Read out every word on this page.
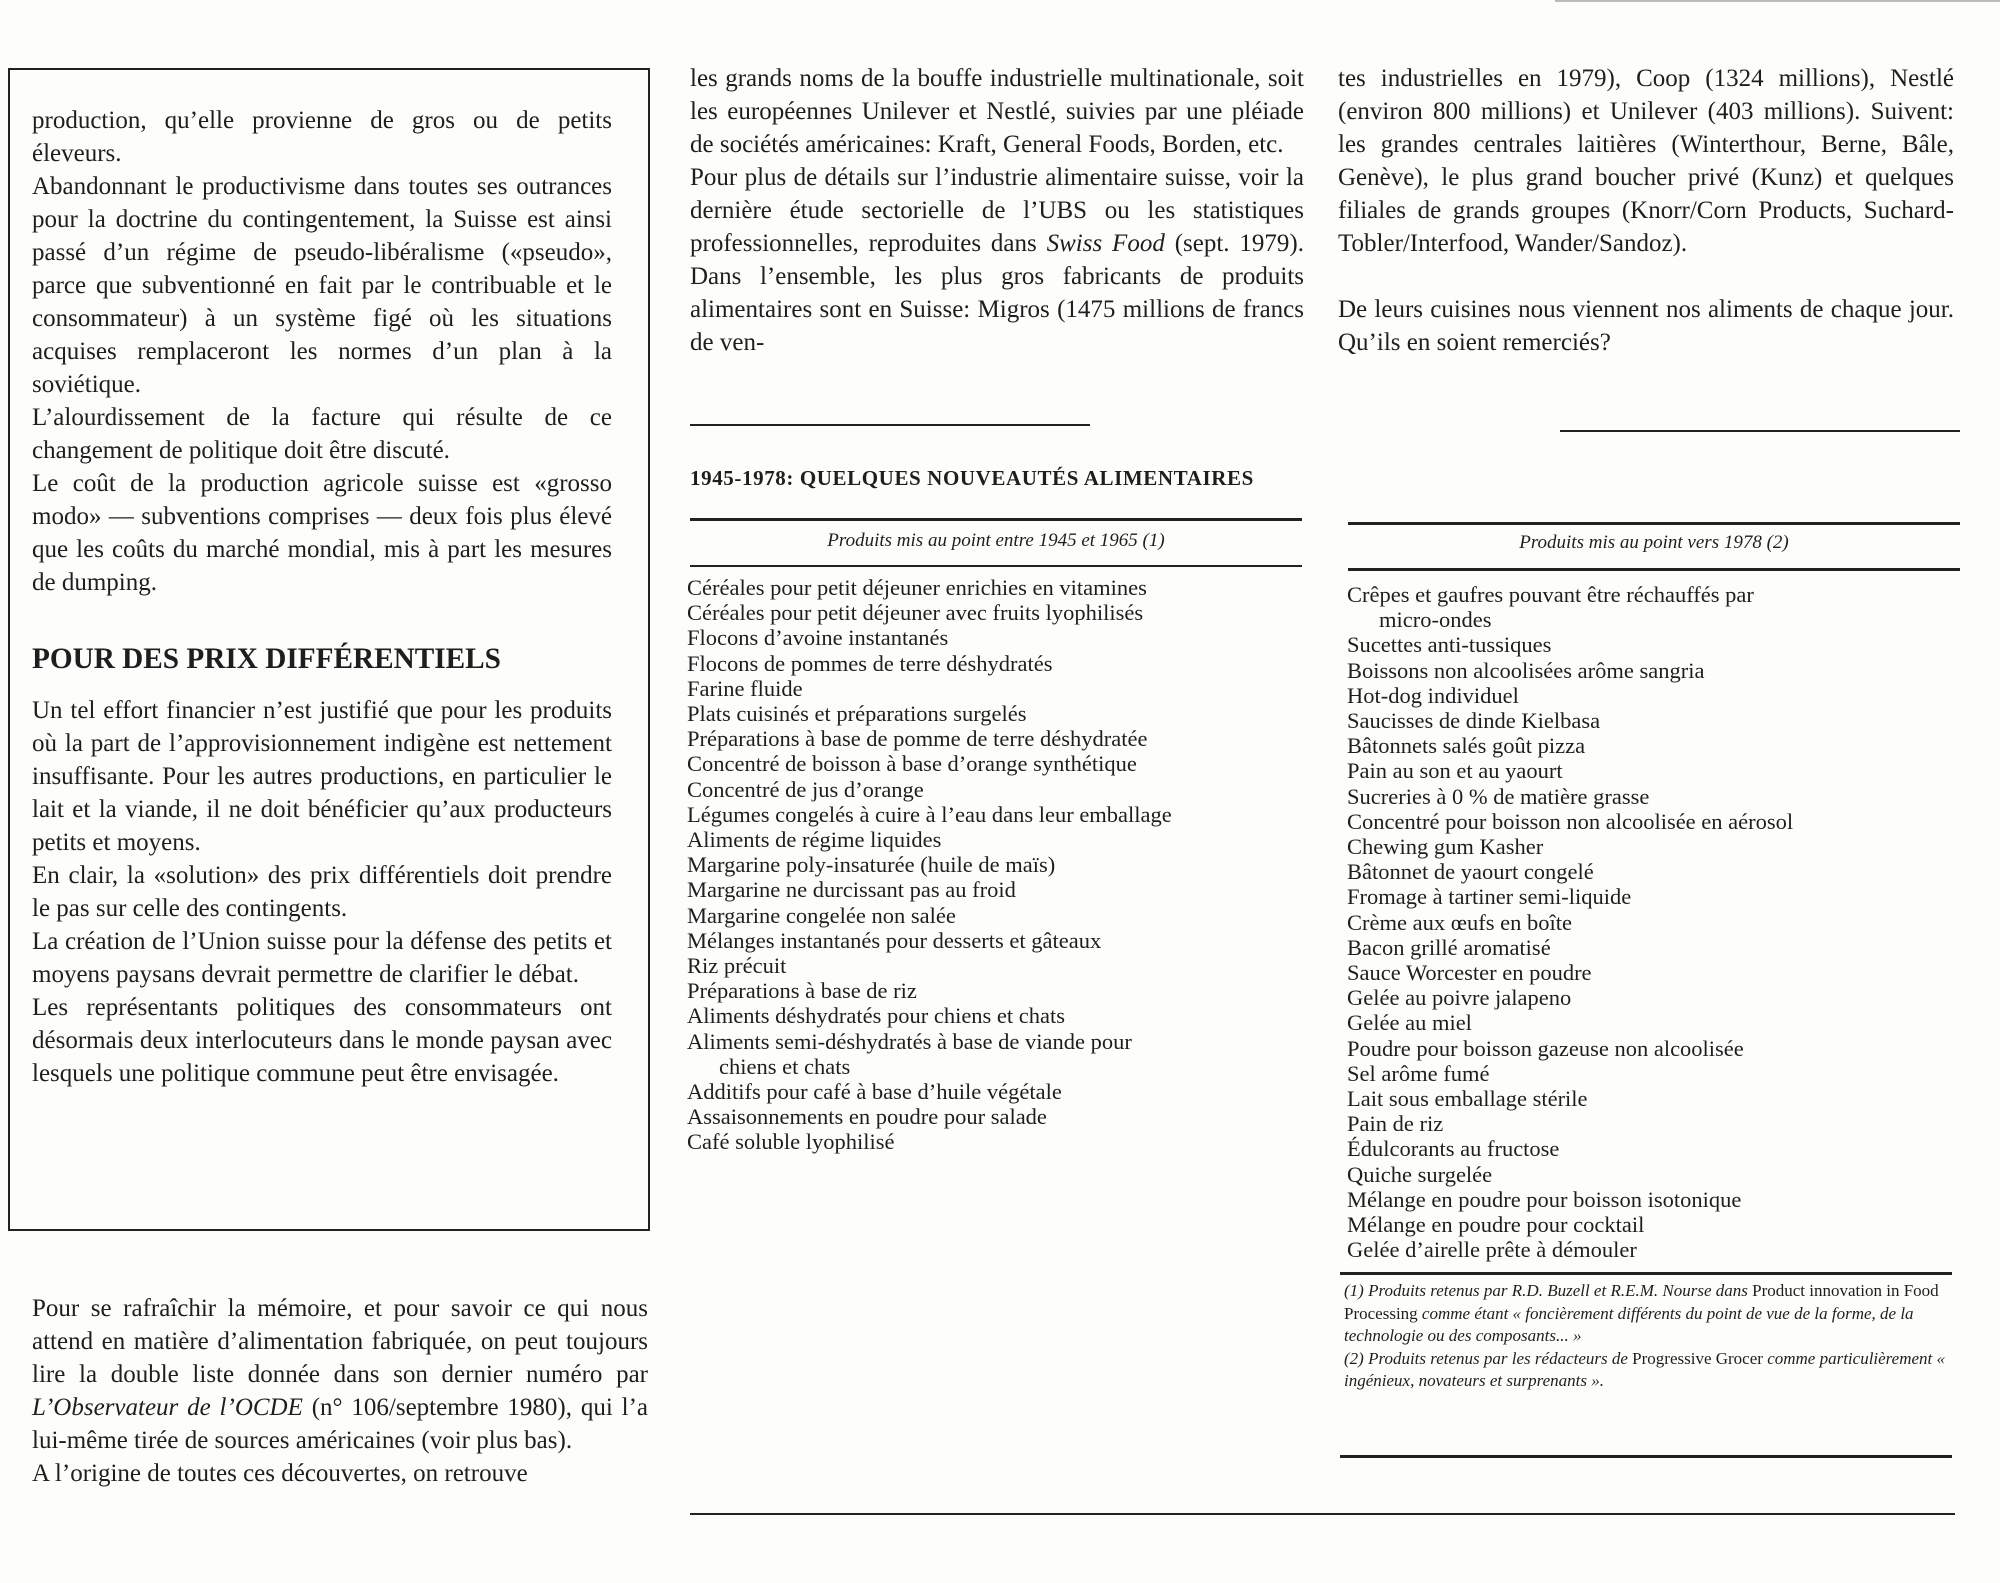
production, qu’elle provienne de gros ou de petits éleveurs.

Abandonnant le productivisme dans toutes ses outrances pour la doctrine du contingentement, la Suisse est ainsi passé d’un régime de pseudo-libéralisme («pseudo», parce que subventionné en fait par le contribuable et le consommateur) à un système figé où les situations acquises remplaceront les normes d’un plan à la soviétique.

L’alourdissement de la facture qui résulte de ce changement de politique doit être discuté.

Le coût de la production agricole suisse est «grosso modo» — subventions comprises — deux fois plus élevé que les coûts du marché mondial, mis à part les mesures de dumping.

POUR DES PRIX DIFFÉRENTIELS

Un tel effort financier n’est justifié que pour les produits où la part de l’approvisionnement indigène est nettement insuffisante. Pour les autres productions, en particulier le lait et la viande, il ne doit bénéficier qu’aux producteurs petits et moyens.

En clair, la «solution» des prix différentiels doit prendre le pas sur celle des contingents.

La création de l’Union suisse pour la défense des petits et moyens paysans devrait permettre de clarifier le débat.

Les représentants politiques des consommateurs ont désormais deux interlocuteurs dans le monde paysan avec lesquels une politique commune peut être envisagée.

Pour se rafraîchir la mémoire, et pour savoir ce qui nous attend en matière d’alimentation fabriquée, on peut toujours lire la double liste donnée dans son dernier numéro par L’Observateur de l’OCDE (n° 106/septembre 1980), qui l’a lui-même tirée de sources américaines (voir plus bas).

A l’origine de toutes ces découvertes, on retrouve

les grands noms de la bouffe industrielle multinationale, soit les européennes Unilever et Nestlé, suivies par une pléiade de sociétés américaines: Kraft, General Foods, Borden, etc.

Pour plus de détails sur l’industrie alimentaire suisse, voir la dernière étude sectorielle de l’UBS ou les statistiques professionnelles, reproduites dans Swiss Food (sept. 1979). Dans l’ensemble, les plus gros fabricants de produits alimentaires sont en Suisse: Migros (1475 millions de francs de ven-

tes industrielles en 1979), Coop (1324 millions), Nestlé (environ 800 millions) et Unilever (403 millions). Suivent: les grandes centrales laitières (Winterthour, Berne, Bâle, Genève), le plus grand boucher privé (Kunz) et quelques filiales de grands groupes (Knorr/Corn Products, Suchard-Tobler/Interfood, Wander/Sandoz).

De leurs cuisines nous viennent nos aliments de chaque jour. Qu’ils en soient remerciés?

1945-1978: QUELQUES NOUVEAUTÉS ALIMENTAIRES
Produits mis au point entre 1945 et 1965 (1)
Céréales pour petit déjeuner enrichies en vitamines
Céréales pour petit déjeuner avec fruits lyophilisés
Flocons d’avoine instantanés
Flocons de pommes de terre déshydratés
Farine fluide
Plats cuisinés et préparations surgelés
Préparations à base de pomme de terre déshydratée
Concentré de boisson à base d’orange synthétique
Concentré de jus d’orange
Légumes congelés à cuire à l’eau dans leur emballage
Aliments de régime liquides
Margarine poly-insaturée (huile de maïs)
Margarine ne durcissant pas au froid
Margarine congelée non salée
Mélanges instantanés pour desserts et gâteaux
Riz précuit
Préparations à base de riz
Aliments déshydratés pour chiens et chats
Aliments semi-déshydratés à base de viande pour
chiens et chats
Additifs pour café à base d’huile végétale
Assaisonnements en poudre pour salade
Café soluble lyophilisé
Produits mis au point vers 1978 (2)
Crêpes et gaufres pouvant être réchauffés par
micro-ondes
Sucettes anti-tussiques
Boissons non alcoolisées arôme sangria
Hot-dog individuel
Saucisses de dinde Kielbasa
Bâtonnets salés goût pizza
Pain au son et au yaourt
Sucreries à 0 % de matière grasse
Concentré pour boisson non alcoolisée en aérosol
Chewing gum Kasher
Bâtonnet de yaourt congelé
Fromage à tartiner semi-liquide
Crème aux œufs en boîte
Bacon grillé aromatisé
Sauce Worcester en poudre
Gelée au poivre jalapeno
Gelée au miel
Poudre pour boisson gazeuse non alcoolisée
Sel arôme fumé
Lait sous emballage stérile
Pain de riz
Édulcorants au fructose
Quiche surgelée
Mélange en poudre pour boisson isotonique
Mélange en poudre pour cocktail
Gelée d’airelle prête à démouler

(1) Produits retenus par R.D. Buzell et R.E.M. Nourse dans Product innovation in Food Processing comme étant « foncièrement différents du point de vue de la forme, de la technologie ou des composants... »

(2) Produits retenus par les rédacteurs de Progressive Grocer comme particulièrement « ingénieux, novateurs et surprenants ».
